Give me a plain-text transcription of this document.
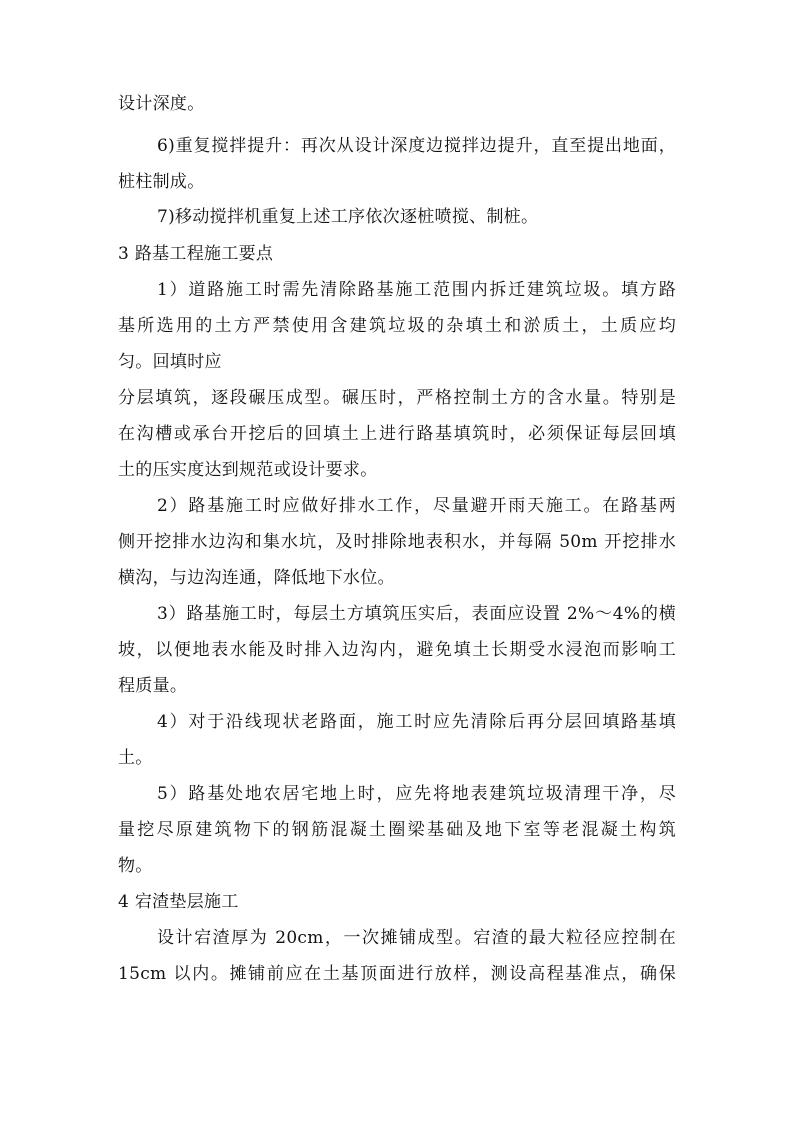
设计深度。
6)重复搅拌提升：再次从设计深度边搅拌边提升，直至提出地面，
桩柱制成。
7)移动搅拌机重复上述工序依次逐桩喷搅、制桩。
3 路基工程施工要点
1）道路施工时需先清除路基施工范围内拆迁建筑垃圾。填方路
基所选用的土方严禁使用含建筑垃圾的杂填土和淤质土，土质应均
匀。回填时应
分层填筑，逐段碾压成型。碾压时，严格控制土方的含水量。特别是
在沟槽或承台开挖后的回填土上进行路基填筑时，必须保证每层回填
土的压实度达到规范或设计要求。
2）路基施工时应做好排水工作，尽量避开雨天施工。在路基两
侧开挖排水边沟和集水坑，及时排除地表积水，并每隔 50m 开挖排水
横沟，与边沟连通，降低地下水位。
3）路基施工时，每层土方填筑压实后，表面应设置 2%～4%的横
坡，以便地表水能及时排入边沟内，避免填土长期受水浸泡而影响工
程质量。
4）对于沿线现状老路面，施工时应先清除后再分层回填路基填
土。
5）路基处地农居宅地上时，应先将地表建筑垃圾清理干净，尽
量挖尽原建筑物下的钢筋混凝土圈梁基础及地下室等老混凝土构筑
物。
4 宕渣垫层施工
设计宕渣厚为 20cm，一次摊铺成型。宕渣的最大粒径应控制在
15cm 以内。摊铺前应在土基顶面进行放样，测设高程基准点，确保
